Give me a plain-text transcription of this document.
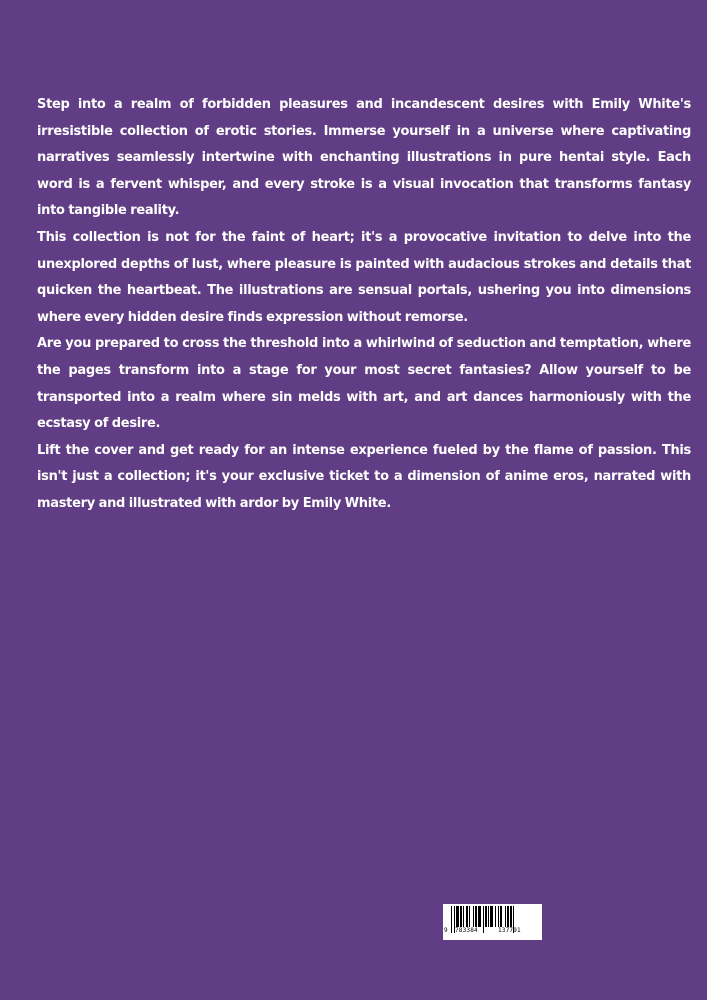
Step into a realm of forbidden pleasures and incandescent desires with Emily White's irresistible collection of erotic stories. Immerse yourself in a universe where captivating narratives seamlessly intertwine with enchanting illustrations in pure hentai style. Each word is a fervent whisper, and every stroke is a visual invocation that transforms fantasy into tangible reality.

This collection is not for the faint of heart; it's a provocative invitation to delve into the unexplored depths of lust, where pleasure is painted with audacious strokes and details that quicken the heartbeat. The illustrations are sensual portals, ushering you into dimensions where every hidden desire finds expression without remorse.

Are you prepared to cross the threshold into a whirlwind of seduction and temptation, where the pages transform into a stage for your most secret fantasies? Allow yourself to be transported into a realm where sin melds with art, and art dances harmoniously with the ecstasy of desire.

Lift the cover and get ready for an intense experience fueled by the flame of passion. This isn't just a collection; it's your exclusive ticket to a dimension of anime eros, narrated with mastery and illustrated with ardor by Emily White.

9 783384	137791
